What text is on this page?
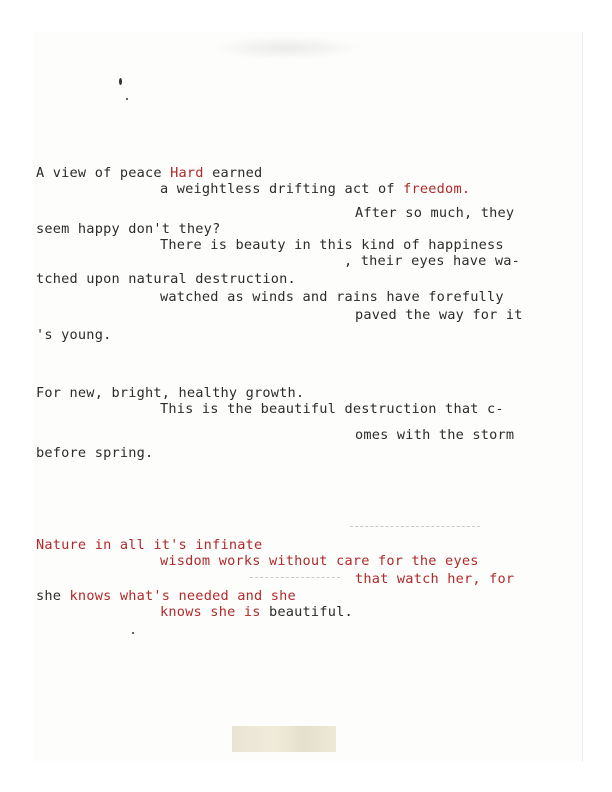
A view of peace Hard earned
a weightless drifting act of freedom.
After so much, they
seem happy don't they?
There is beauty in this kind of happiness
, their eyes have wa-
tched upon natural destruction.
watched as winds and rains have forefully
paved the way for it
's young.
For new, bright, healthy growth.
This is the beautiful destruction that c-
omes with the storm
before spring.
Nature in all it's infinate
wisdom works without care for the eyes
that watch her, for
she knows what's needed and she
knows she is beautiful.
